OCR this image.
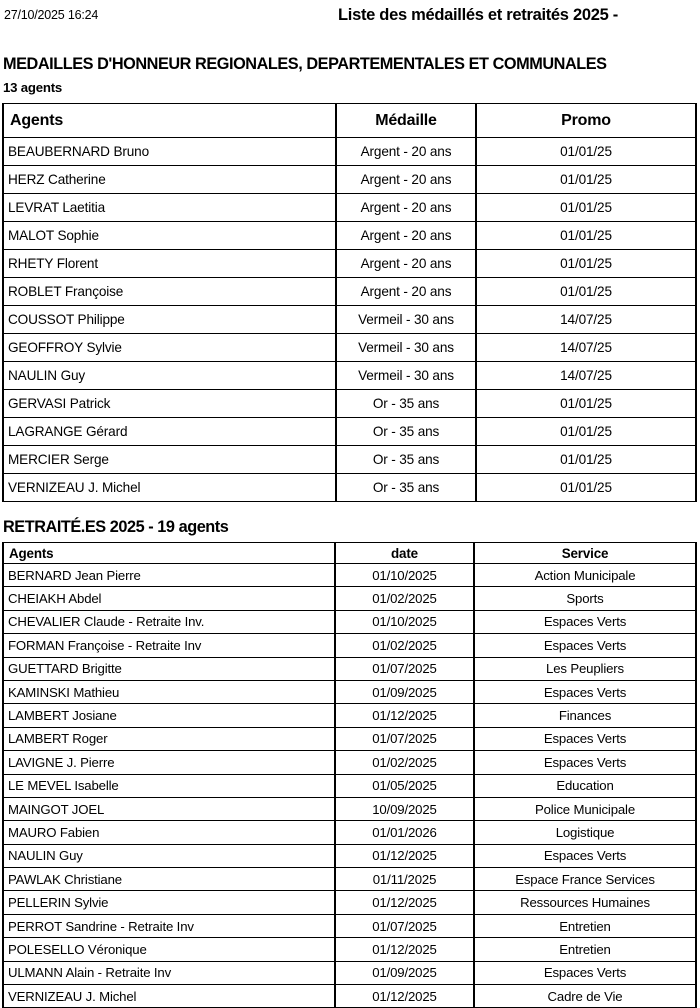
27/10/2025 16:24	Liste des médaillés et retraités 2025 -
MEDAILLES D'HONNEUR REGIONALES, DEPARTEMENTALES ET COMMUNALES
13 agents
Agents	Médaille	Promo
BEAUBERNARD Bruno	Argent - 20 ans	01/01/25
HERZ Catherine	Argent - 20 ans	01/01/25
LEVRAT Laetitia	Argent - 20 ans	01/01/25
MALOT Sophie	Argent - 20 ans	01/01/25
RHETY Florent	Argent - 20 ans	01/01/25
ROBLET Françoise	Argent - 20 ans	01/01/25
COUSSOT Philippe	Vermeil - 30 ans	14/07/25
GEOFFROY Sylvie	Vermeil - 30 ans	14/07/25
NAULIN Guy	Vermeil - 30 ans	14/07/25
GERVASI Patrick	Or - 35 ans	01/01/25
LAGRANGE Gérard	Or - 35 ans	01/01/25
MERCIER Serge	Or - 35 ans	01/01/25
VERNIZEAU J. Michel	Or - 35 ans	01/01/25
RETRAITÉ.ES 2025 - 19 agents
Agents	date	Service
BERNARD Jean Pierre	01/10/2025	Action Municipale
CHEIAKH Abdel	01/02/2025	Sports
CHEVALIER Claude - Retraite Inv.	01/10/2025	Espaces Verts
FORMAN Françoise - Retraite Inv	01/02/2025	Espaces Verts
GUETTARD Brigitte	01/07/2025	Les Peupliers
KAMINSKI Mathieu	01/09/2025	Espaces Verts
LAMBERT Josiane	01/12/2025	Finances
LAMBERT Roger	01/07/2025	Espaces Verts
LAVIGNE J. Pierre	01/02/2025	Espaces Verts
LE MEVEL Isabelle	01/05/2025	Education
MAINGOT JOEL	10/09/2025	Police Municipale
MAURO Fabien	01/01/2026	Logistique
NAULIN Guy	01/12/2025	Espaces Verts
PAWLAK Christiane	01/11/2025	Espace France Services
PELLERIN Sylvie	01/12/2025	Ressources Humaines
PERROT Sandrine - Retraite Inv	01/07/2025	Entretien
POLESELLO Véronique	01/12/2025	Entretien
ULMANN Alain - Retraite Inv	01/09/2025	Espaces Verts
VERNIZEAU J. Michel	01/12/2025	Cadre de Vie
